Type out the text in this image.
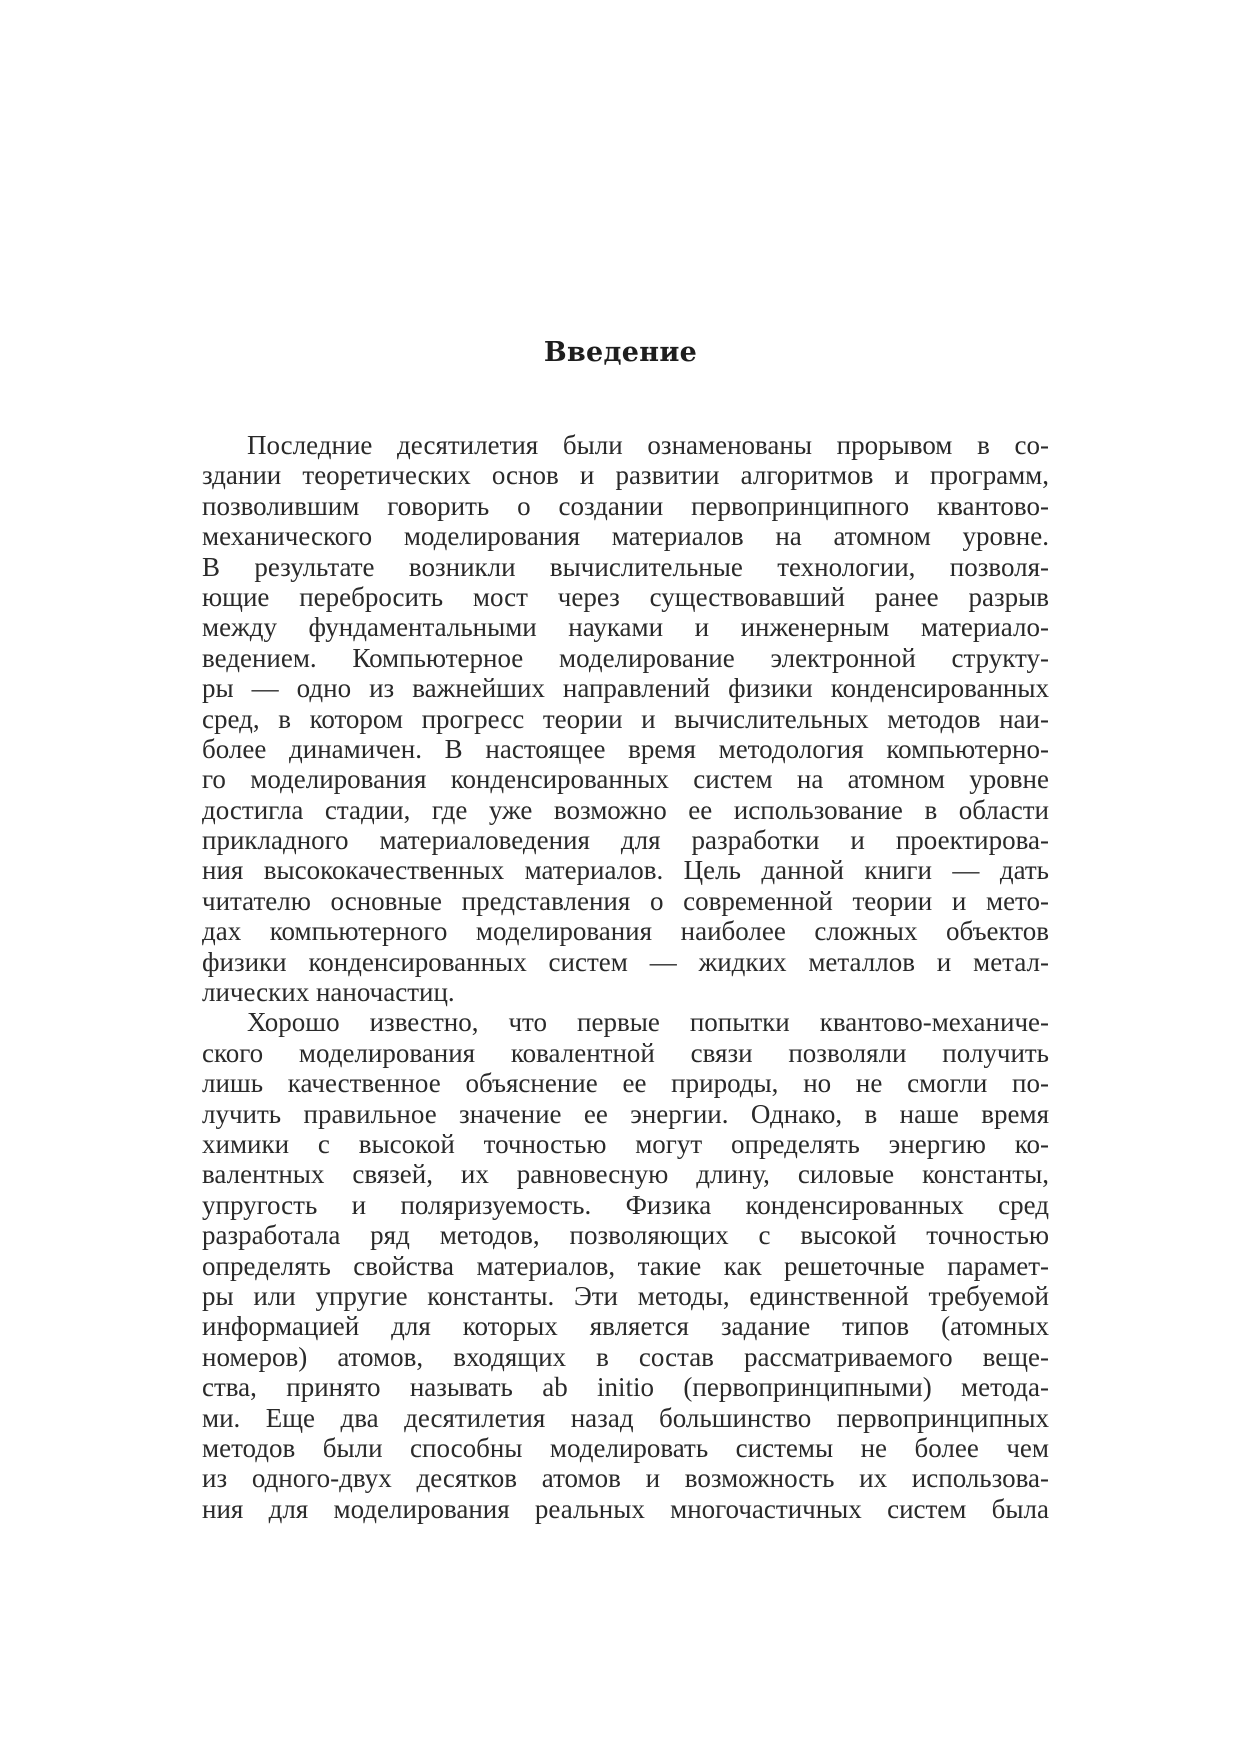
Введение

Последние десятилетия были ознаменованы прорывом в со-
здании теоретических основ и развитии алгоритмов и программ,
позволившим говорить о создании первопринципного квантово-
механического моделирования материалов на атомном уровне.
В результате возникли вычислительные технологии, позволя-
ющие перебросить мост через существовавший ранее разрыв
между фундаментальными науками и инженерным материало-
ведением. Компьютерное моделирование электронной структу-
ры — одно из важнейших направлений физики конденсированных
сред, в котором прогресс теории и вычислительных методов наи-
более динамичен. В настоящее время методология компьютерно-
го моделирования конденсированных систем на атомном уровне
достигла стадии, где уже возможно ее использование в области
прикладного материаловедения для разработки и проектирова-
ния высококачественных материалов. Цель данной книги — дать
читателю основные представления о современной теории и мето-
дах компьютерного моделирования наиболее сложных объектов
физики конденсированных систем — жидких металлов и метал-
лических наночастиц.

Хорошо известно, что первые попытки квантово-механиче-
ского моделирования ковалентной связи позволяли получить
лишь качественное объяснение ее природы, но не смогли по-
лучить правильное значение ее энергии. Однако, в наше время
химики с высокой точностью могут определять энергию ко-
валентных связей, их равновесную длину, силовые константы,
упругость и поляризуемость. Физика конденсированных сред
разработала ряд методов, позволяющих с высокой точностью
определять свойства материалов, такие как решеточные парамет-
ры или упругие константы. Эти методы, единственной требуемой
информацией для которых является задание типов (атомных
номеров) атомов, входящих в состав рассматриваемого веще-
ства, принято называть ab initio (первопринципными) метода-
ми. Еще два десятилетия назад большинство первопринципных
методов были способны моделировать системы не более чем
из одного-двух десятков атомов и возможность их использова-
ния для моделирования реальных многочастичных систем была
